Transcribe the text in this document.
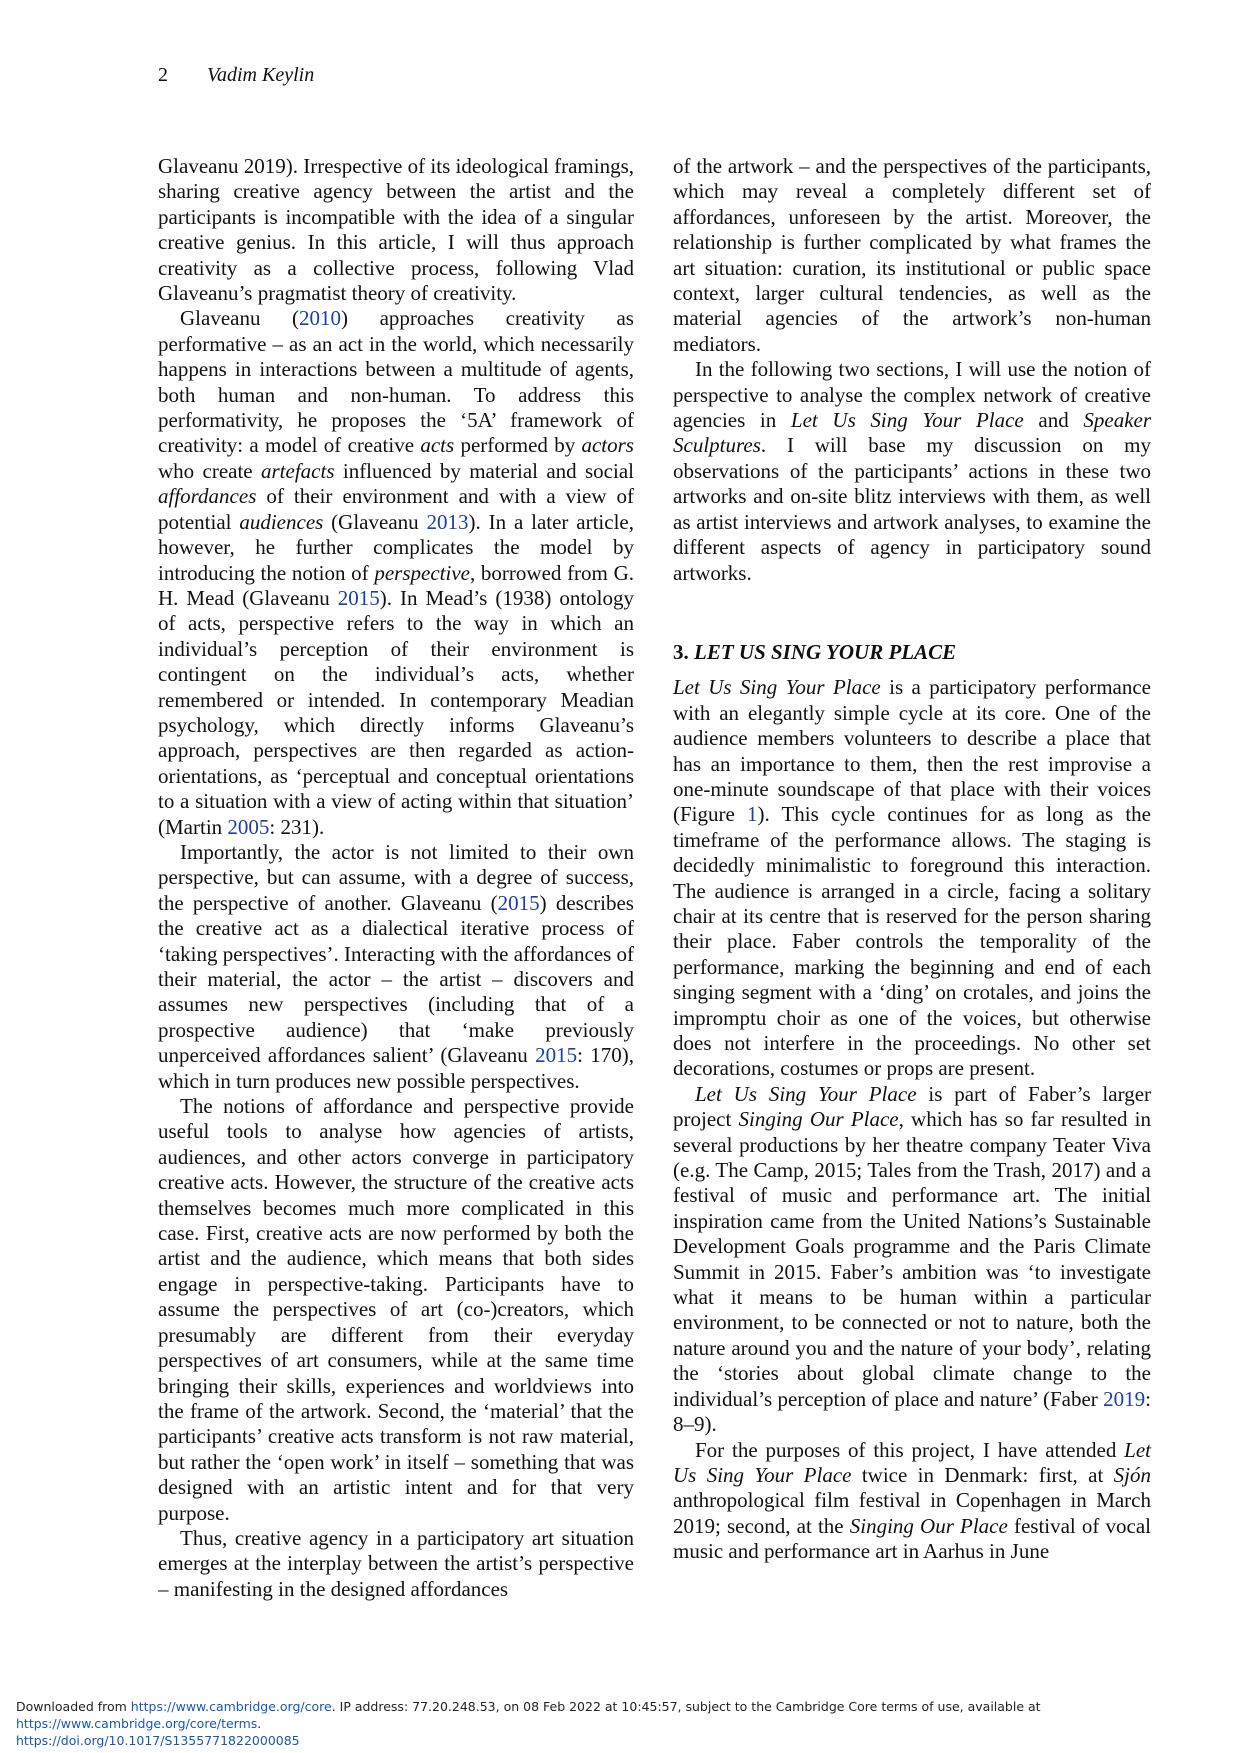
2 Vadim Keylin

Glaveanu 2019). Irrespective of its ideological framings, sharing creative agency between the artist and the participants is incompatible with the idea of a singular creative genius. In this article, I will thus approach creativity as a collective process, following Vlad Glaveanu’s pragmatist theory of creativity.

Glaveanu (2010) approaches creativity as performative – as an act in the world, which necessarily happens in interactions between a multitude of agents, both human and non-human. To address this performativity, he proposes the ‘5A’ framework of creativity: a model of creative acts performed by actors who create artefacts influenced by material and social affordances of their environment and with a view of potential audiences (Glaveanu 2013). In a later article, however, he further complicates the model by introducing the notion of perspective, borrowed from G. H. Mead (Glaveanu 2015). In Mead’s (1938) ontology of acts, perspective refers to the way in which an individual’s perception of their environment is contingent on the individual’s acts, whether remembered or intended. In contemporary Meadian psychology, which directly informs Glaveanu’s approach, perspectives are then regarded as action-orientations, as ‘perceptual and conceptual orientations to a situation with a view of acting within that situation’ (Martin 2005: 231).

Importantly, the actor is not limited to their own perspective, but can assume, with a degree of success, the perspective of another. Glaveanu (2015) describes the creative act as a dialectical iterative process of ‘taking perspectives’. Interacting with the affordances of their material, the actor – the artist – discovers and assumes new perspectives (including that of a prospective audience) that ‘make previously unperceived affordances salient’ (Glaveanu 2015: 170), which in turn produces new possible perspectives.

The notions of affordance and perspective provide useful tools to analyse how agencies of artists, audiences, and other actors converge in participatory creative acts. However, the structure of the creative acts themselves becomes much more complicated in this case. First, creative acts are now performed by both the artist and the audience, which means that both sides engage in perspective-taking. Participants have to assume the perspectives of art (co-)creators, which presumably are different from their everyday perspectives of art consumers, while at the same time bringing their skills, experiences and worldviews into the frame of the artwork. Second, the ‘material’ that the participants’ creative acts transform is not raw material, but rather the ‘open work’ in itself – something that was designed with an artistic intent and for that very purpose.

Thus, creative agency in a participatory art situation emerges at the interplay between the artist’s perspective – manifesting in the designed affordances

of the artwork – and the perspectives of the participants, which may reveal a completely different set of affordances, unforeseen by the artist. Moreover, the relationship is further complicated by what frames the art situation: curation, its institutional or public space context, larger cultural tendencies, as well as the material agencies of the artwork’s non-human mediators.

In the following two sections, I will use the notion of perspective to analyse the complex network of creative agencies in Let Us Sing Your Place and Speaker Sculptures. I will base my discussion on my observations of the participants’ actions in these two artworks and on-site blitz interviews with them, as well as artist interviews and artwork analyses, to examine the different aspects of agency in participatory sound artworks.

3. LET US SING YOUR PLACE

Let Us Sing Your Place is a participatory performance with an elegantly simple cycle at its core. One of the audience members volunteers to describe a place that has an importance to them, then the rest improvise a one-minute soundscape of that place with their voices (Figure 1). This cycle continues for as long as the timeframe of the performance allows. The staging is decidedly minimalistic to foreground this interaction. The audience is arranged in a circle, facing a solitary chair at its centre that is reserved for the person sharing their place. Faber controls the temporality of the performance, marking the beginning and end of each singing segment with a ‘ding’ on crotales, and joins the impromptu choir as one of the voices, but otherwise does not interfere in the proceedings. No other set decorations, costumes or props are present.

Let Us Sing Your Place is part of Faber’s larger project Singing Our Place, which has so far resulted in several productions by her theatre company Teater Viva (e.g. The Camp, 2015; Tales from the Trash, 2017) and a festival of music and performance art. The initial inspiration came from the United Nations’s Sustainable Development Goals programme and the Paris Climate Summit in 2015. Faber’s ambition was ‘to investigate what it means to be human within a particular environment, to be connected or not to nature, both the nature around you and the nature of your body’, relating the ‘stories about global climate change to the individual’s perception of place and nature’ (Faber 2019: 8–9).

For the purposes of this project, I have attended Let Us Sing Your Place twice in Denmark: first, at Sjón anthropological film festival in Copenhagen in March 2019; second, at the Singing Our Place festival of vocal music and performance art in Aarhus in June

Downloaded from https://www.cambridge.org/core. IP address: 77.20.248.53, on 08 Feb 2022 at 10:45:57, subject to the Cambridge Core terms of use, available at https://www.cambridge.org/core/terms.
https://doi.org/10.1017/S1355771822000085
